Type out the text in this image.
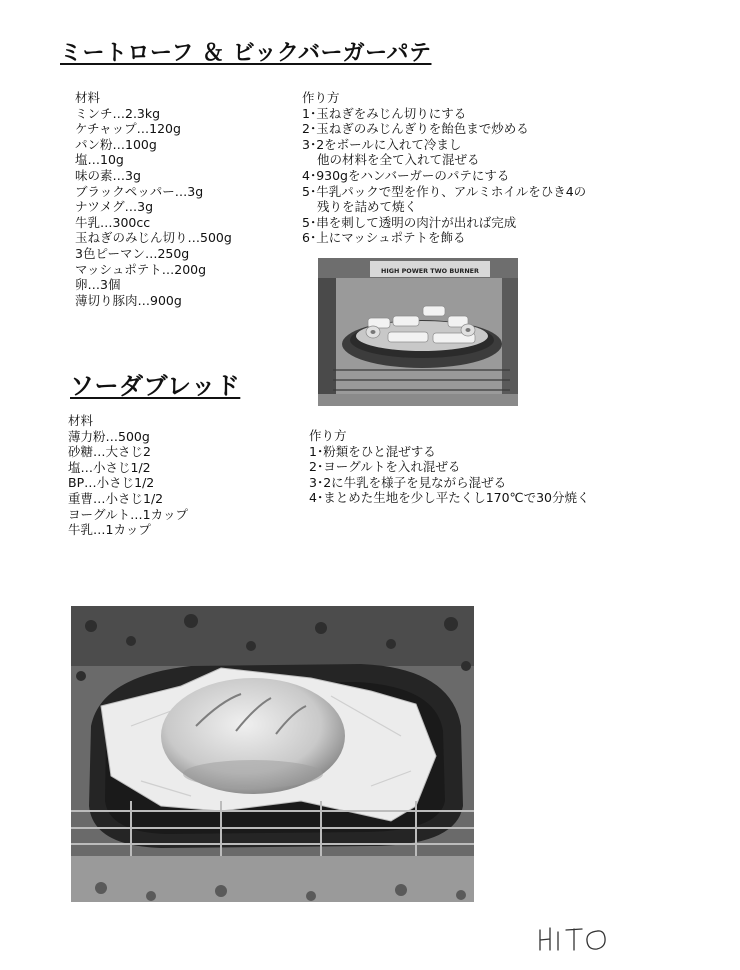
ミートローフ ＆ ビックバーガーパテ
材料
ミンチ…2.3kg
ケチャップ…120g
パン粉…100g
塩…10g
味の素…3g
ブラックペッパー…3g
ナツメグ…3g
牛乳…300cc
玉ねぎのみじん切り…500g
3色ピーマン…250g
マッシュポテト…200g
卵…3個
薄切り豚肉…900g
作り方
1･玉ねぎをみじん切りにする
2･玉ねぎのみじんぎりを飴色まで炒める
3･2をボールに入れて冷まし
他の材料を全て入れて混ぜる
4･930gをハンバーガーのパテにする
5･牛乳パックで型を作り、アルミホイルをひき4の
残りを詰めて焼く
5･串を刺して透明の肉汁が出れば完成
6･上にマッシュポテトを飾る
HIGH POWER TWO BURNER
ソーダブレッド
材料
薄力粉…500g
砂糖…大さじ2
塩…小さじ1/2
BP…小さじ1/2
重曹…小さじ1/2
ヨーグルト…1カップ
牛乳…1カップ
作り方
1･粉類をひと混ぜする
2･ヨーグルトを入れ混ぜる
3･2に牛乳を様子を見ながら混ぜる
4･まとめた生地を少し平たくし170℃で30分焼く
